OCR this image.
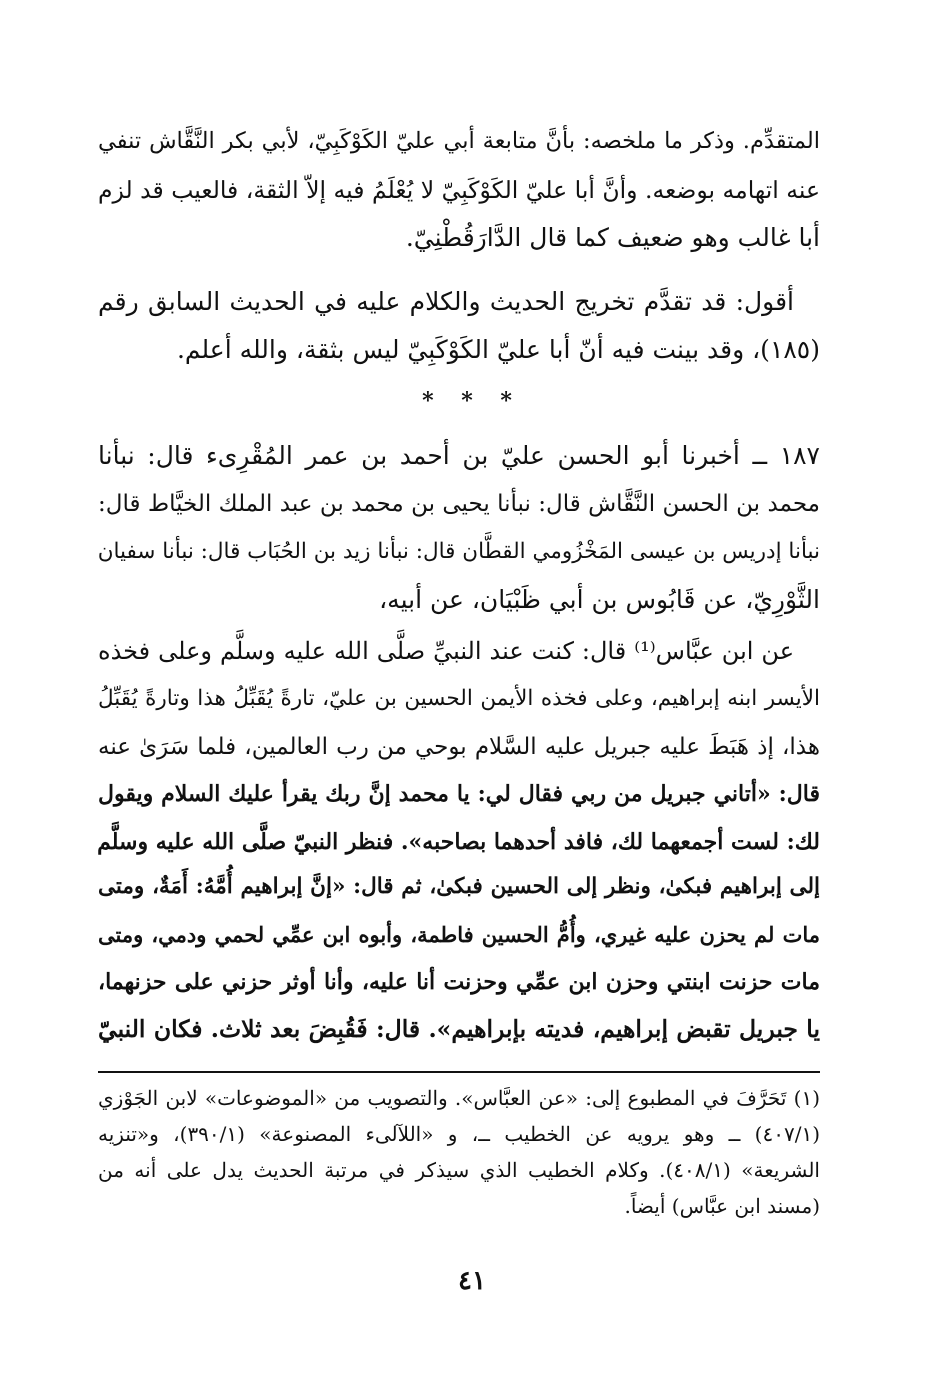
المتقدِّم. وذكر ما ملخصه: بأنَّ متابعة أبي عليّ الكَوْكَبِيّ، لأبي بكر النَّقَّاش تنفي
عنه اتهامه بوضعه. وأنَّ أبا عليّ الكَوْكَبِيّ لا يُعْلَمُ فيه إلاّ الثقة، فالعيب قد لزم
أبا غالب وهو ضعيف كما قال الدَّارَقُطْنِيّ.
أقول: قد تقدَّم تخريج الحديث والكلام عليه في الحديث السابق رقم
(١٨٥)، وقد بينت فيه أنّ أبا عليّ الكَوْكَبِيّ ليس بثقة، والله أعلم.
* * *
١٨٧ ــ أخبرنا أبو الحسن عليّ بن أحمد بن عمر المُقْرِىء قال: نبأنا
محمد بن الحسن النَّقَّاش قال: نبأنا يحيى بن محمد بن عبد الملك الخيَّاط قال:
نبأنا إدريس بن عيسى المَخْزُومي القطَّان قال: نبأنا زيد بن الحُبَاب قال: نبأنا سفيان
الثَّوْرِيّ، عن قَابُوس بن أبي ظَبْيَان، عن أبيه،
عن ابن عبَّاس⁽¹⁾ قال: كنت عند النبيِّ صلَّى الله عليه وسلَّم وعلى فخذه
الأيسر ابنه إبراهيم، وعلى فخذه الأيمن الحسين بن عليّ، تارةً يُقَبِّلُ هذا وتارةً يُقَبِّلُ
هذا، إذ هَبَطَ عليه جبريل عليه السَّلام بوحي من رب العالمين، فلما سَرَىٰ عنه
قال: «أتاني جبريل من ربي فقال لي: يا محمد إنَّ ربك يقرأ عليك السلام ويقول
لك: لست أجمعهما لك، فافد أحدهما بصاحبه». فنظر النبيّ صلَّى الله عليه وسلَّم
إلى إبراهيم فبكىٰ، ونظر إلى الحسين فبكىٰ، ثم قال: «إنَّ إبراهيم أُمَّهُ: أَمَةٌ، ومتى
مات لم يحزن عليه غيري، وأُمُّ الحسين فاطمة، وأبوه ابن عمِّي لحمي ودمي، ومتى
مات حزنت ابنتي وحزن ابن عمِّي وحزنت أنا عليه، وأنا أوثر حزني على حزنهما،
يا جبريل تقبض إبراهيم، فديته بإبراهيم». قال: فَقُبِضَ بعد ثلاث. فكان النبيّ
(١) تَحَرَّفَ في المطبوع إلى: «عن العبَّاس». والتصويب من «الموضوعات» لابن الجَوْزي
(٤٠٧/١) ــ وهو يرويه عن الخطيب ــ، و «اللآلىء المصنوعة» (٣٩٠/١)، و«تنزيه
الشريعة» (٤٠٨/١). وكلام الخطيب الذي سيذكر في مرتبة الحديث يدل على أنه من
(مسند ابن عبَّاس) أيضاً.
٤١
